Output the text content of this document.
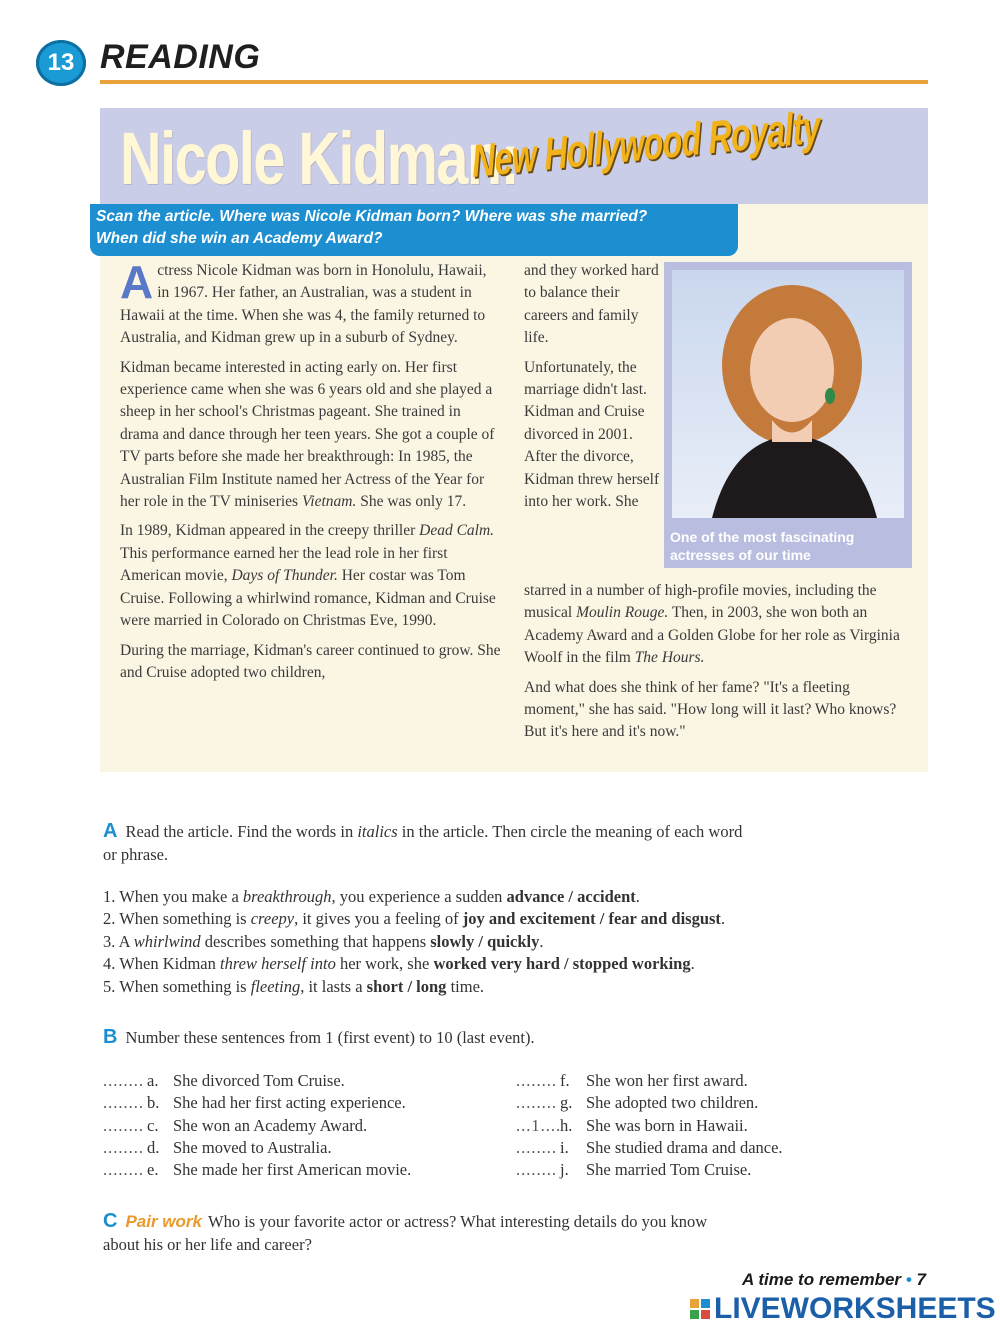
13 READING
Nicole Kidman:
New Hollywood Royalty
Scan the article. Where was Nicole Kidman born? Where was she married?
When did she win an Academy Award?

Actress Nicole Kidman was born in Honolulu, Hawaii, in 1967. Her father, an Australian, was a student in Hawaii at the time. When she was 4, the family returned to Australia, and Kidman grew up in a suburb of Sydney.

Kidman became interested in acting early on. Her first experience came when she was 6 years old and she played a sheep in her school's Christmas pageant. She trained in drama and dance through her teen years. She got a couple of TV parts before she made her breakthrough: In 1985, the Australian Film Institute named her Actress of the Year for her role in the TV miniseries Vietnam. She was only 17.

In 1989, Kidman appeared in the creepy thriller Dead Calm. This performance earned her the lead role in her first American movie, Days of Thunder. Her costar was Tom Cruise. Following a whirlwind romance, Kidman and Cruise were married in Colorado on Christmas Eve, 1990.

During the marriage, Kidman's career continued to grow. She and Cruise adopted two children,

and they worked hard to balance their careers and family life.

Unfortunately, the marriage didn't last. Kidman and Cruise divorced in 2001. After the divorce, Kidman threw herself into her work. She

One of the most fascinating actresses of our time

starred in a number of high-profile movies, including the musical Moulin Rouge. Then, in 2003, she won both an Academy Award and a Golden Globe for her role as Virginia Woolf in the film The Hours.

And what does she think of her fame? "It's a fleeting moment," she has said. "How long will it last? Who knows? But it's here and it's now."

A Read the article. Find the words in italics in the article. Then circle the meaning of each word or phrase.
1. When you make a breakthrough, you experience a sudden advance / accident.
2. When something is creepy, it gives you a feeling of joy and excitement / fear and disgust.
3. A whirlwind describes something that happens slowly / quickly.
4. When Kidman threw herself into her work, she worked very hard / stopped working.
5. When something is fleeting, it lasts a short / long time.
B Number these sentences from 1 (first event) to 10 (last event).
........ a. She divorced Tom Cruise.
........ b. She had her first acting experience.
........ c. She won an Academy Award.
........ d. She moved to Australia.
........ e. She made her first American movie.
........ f. She won her first award.
........ g. She adopted two children.
...1....
h. She was born in Hawaii.
........ i.	She studied drama and dance.
........ j.	She married Tom Cruise.
C Pair work Who is your favorite actor or actress? What interesting details do you know about his or her life and career?
A time to remember • 7
LIVEWORKSHEETS
